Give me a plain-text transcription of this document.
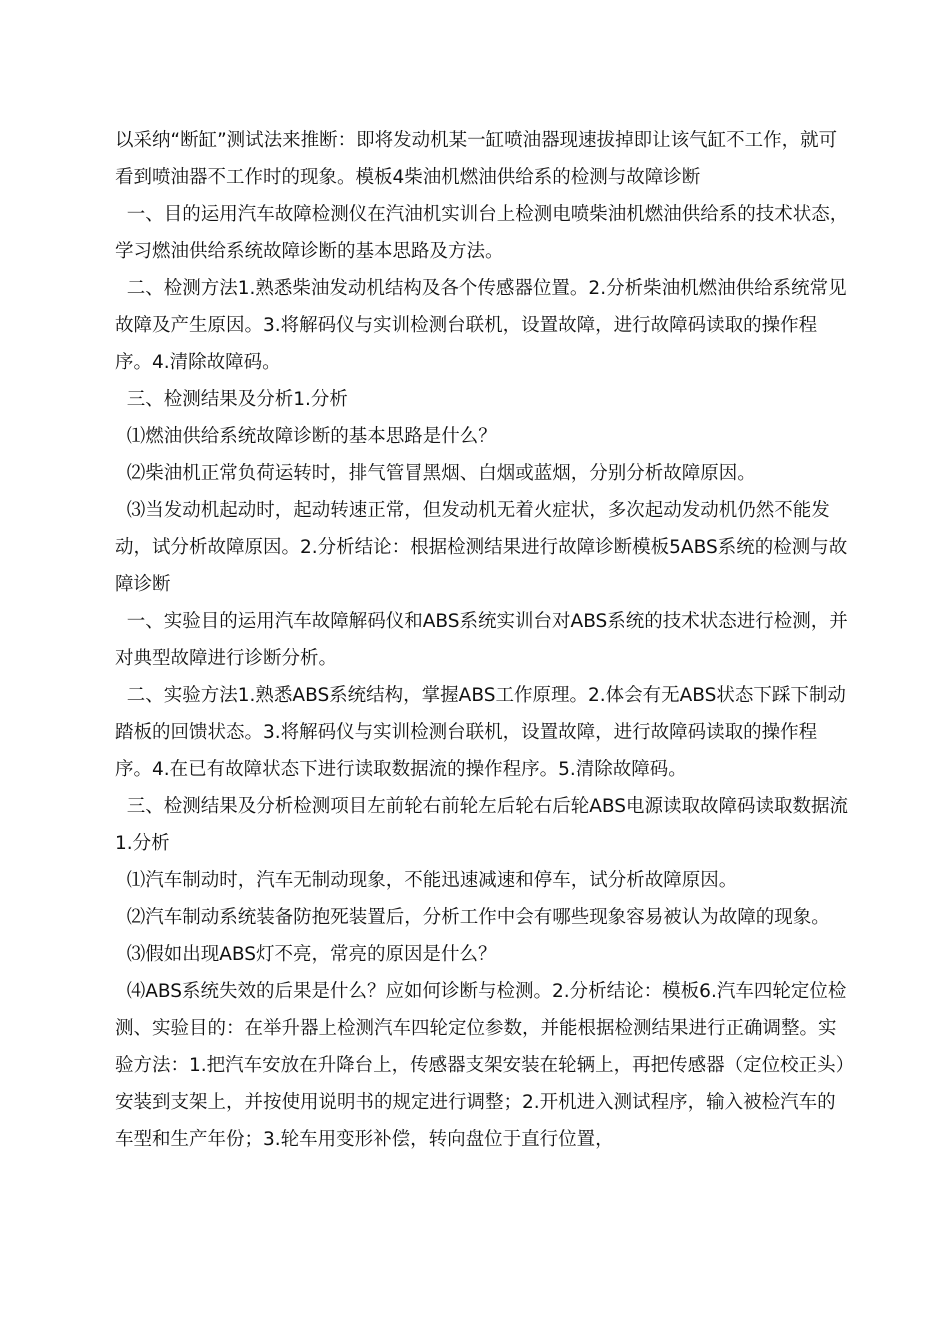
以采纳“断缸”测试法来推断：即将发动机某一缸喷油器现速拔掉即让该气缸不工作，就可看到喷油器不工作时的现象。模板4柴油机燃油供给系的检测与故障诊断

一、目的运用汽车故障检测仪在汽油机实训台上检测电喷柴油机燃油供给系的技术状态，学习燃油供给系统故障诊断的基本思路及方法。

二、检测方法1.熟悉柴油发动机结构及各个传感器位置。2.分析柴油机燃油供给系统常见故障及产生原因。3.将解码仪与实训检测台联机，设置故障，进行故障码读取的操作程序。4.清除故障码。

三、检测结果及分析1.分析

⑴燃油供给系统故障诊断的基本思路是什么？

⑵柴油机正常负荷运转时，排气管冒黑烟、白烟或蓝烟，分别分析故障原因。

⑶当发动机起动时，起动转速正常，但发动机无着火症状，多次起动发动机仍然不能发动，试分析故障原因。2.分析结论：根据检测结果进行故障诊断模板5ABS系统的检测与故障诊断

一、实验目的运用汽车故障解码仪和ABS系统实训台对ABS系统的技术状态进行检测，并对典型故障进行诊断分析。

二、实验方法1.熟悉ABS系统结构，掌握ABS工作原理。2.体会有无ABS状态下踩下制动踏板的回馈状态。3.将解码仪与实训检测台联机，设置故障，进行故障码读取的操作程序。4.在已有故障状态下进行读取数据流的操作程序。5.清除故障码。

三、检测结果及分析检测项目左前轮右前轮左后轮右后轮ABS电源读取故障码读取数据流1.分析

⑴汽车制动时，汽车无制动现象，不能迅速减速和停车，试分析故障原因。

⑵汽车制动系统装备防抱死装置后，分析工作中会有哪些现象容易被认为故障的现象。

⑶假如出现ABS灯不亮，常亮的原因是什么？

⑷ABS系统失效的后果是什么？应如何诊断与检测。2.分析结论：模板6.汽车四轮定位检测、实验目的：在举升器上检测汽车四轮定位参数，并能根据检测结果进行正确调整。实验方法：1.把汽车安放在升降台上，传感器支架安装在轮辆上，再把传感器（定位校正头）安装到支架上，并按使用说明书的规定进行调整；2.开机进入测试程序，输入被检汽车的车型和生产年份；3.轮车用变形补偿，转向盘位于直行位置，
